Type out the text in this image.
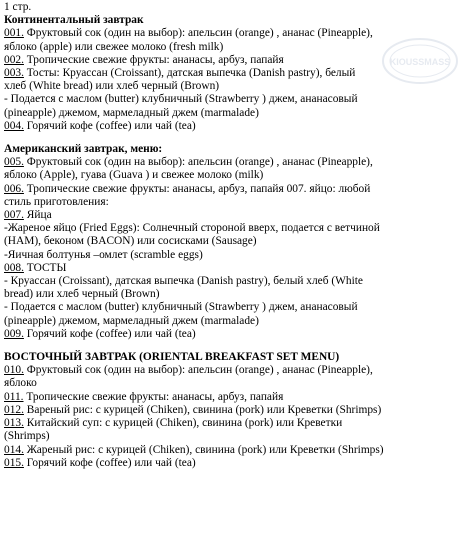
1 стр.
Континентальный завтрак
001. Фруктовый сок (один на выбор): апельсин (orange) , ананас (Pineapple),
яблоко (apple) или свежее молоко (fresh milk)
002. Тропические свежие фрукты: ананасы, арбуз, папайя
003. Тосты: Круассан (Croissant), датская выпечка (Danish pastry), белый
хлеб (White bread) или хлеб черный (Brown)
- Подается с маслом (butter) клубничный (Strawberry ) джем, ананасовый
(pineapple) джемом, мармеладный джем (marmalade)
004. Горячий кофе (coffee) или чай (tea)
Американский завтрак, меню:
005. Фруктовый сок (один на выбор): апельсин (orange) , ананас (Pineapple),
яблоко (Apple), гуава (Guava ) и свежее молоко (milk)
006. Тропические свежие фрукты: ананасы, арбуз, папайя 007. яйцо: любой
стиль приготовления:
007. Яйца
-Жареное яйцо (Fried Eggs): Солнечный стороной вверх, подается с ветчиной
(HAM), беконом (BACON) или сосисками (Sausage)
-Яичная болтунья –омлет (scramble eggs)
008. ТОСТЫ
- Круассан (Croissant), датская выпечка (Danish pastry), белый хлеб (White
bread) или хлеб черный (Brown)
- Подается с маслом (butter) клубничный (Strawberry ) джем, ананасовый
(pineapple) джемом, мармеладный джем (marmalade)
009. Горячий кофе (coffee) или чай (tea)
ВОСТОЧНЫЙ ЗАВТРАК (ORIENTAL BREAKFAST SET MENU)
010. Фруктовый сок (один на выбор): апельсин (orange) , ананас (Pineapple),
яблоко
011. Тропические свежие фрукты: ананасы, арбуз, папайя
012. Вареный рис: с курицей (Chiken), свинина (pork) или Креветки (Shrimps)
013. Китайский суп: с курицей (Chiken), свинина (pork) или Креветки
(Shrimps)
014. Жареный рис: с курицей (Chiken), свинина (pork) или Креветки (Shrimps)
015. Горячий кофе (coffee) или чай (tea)
KIOUSSMASS
